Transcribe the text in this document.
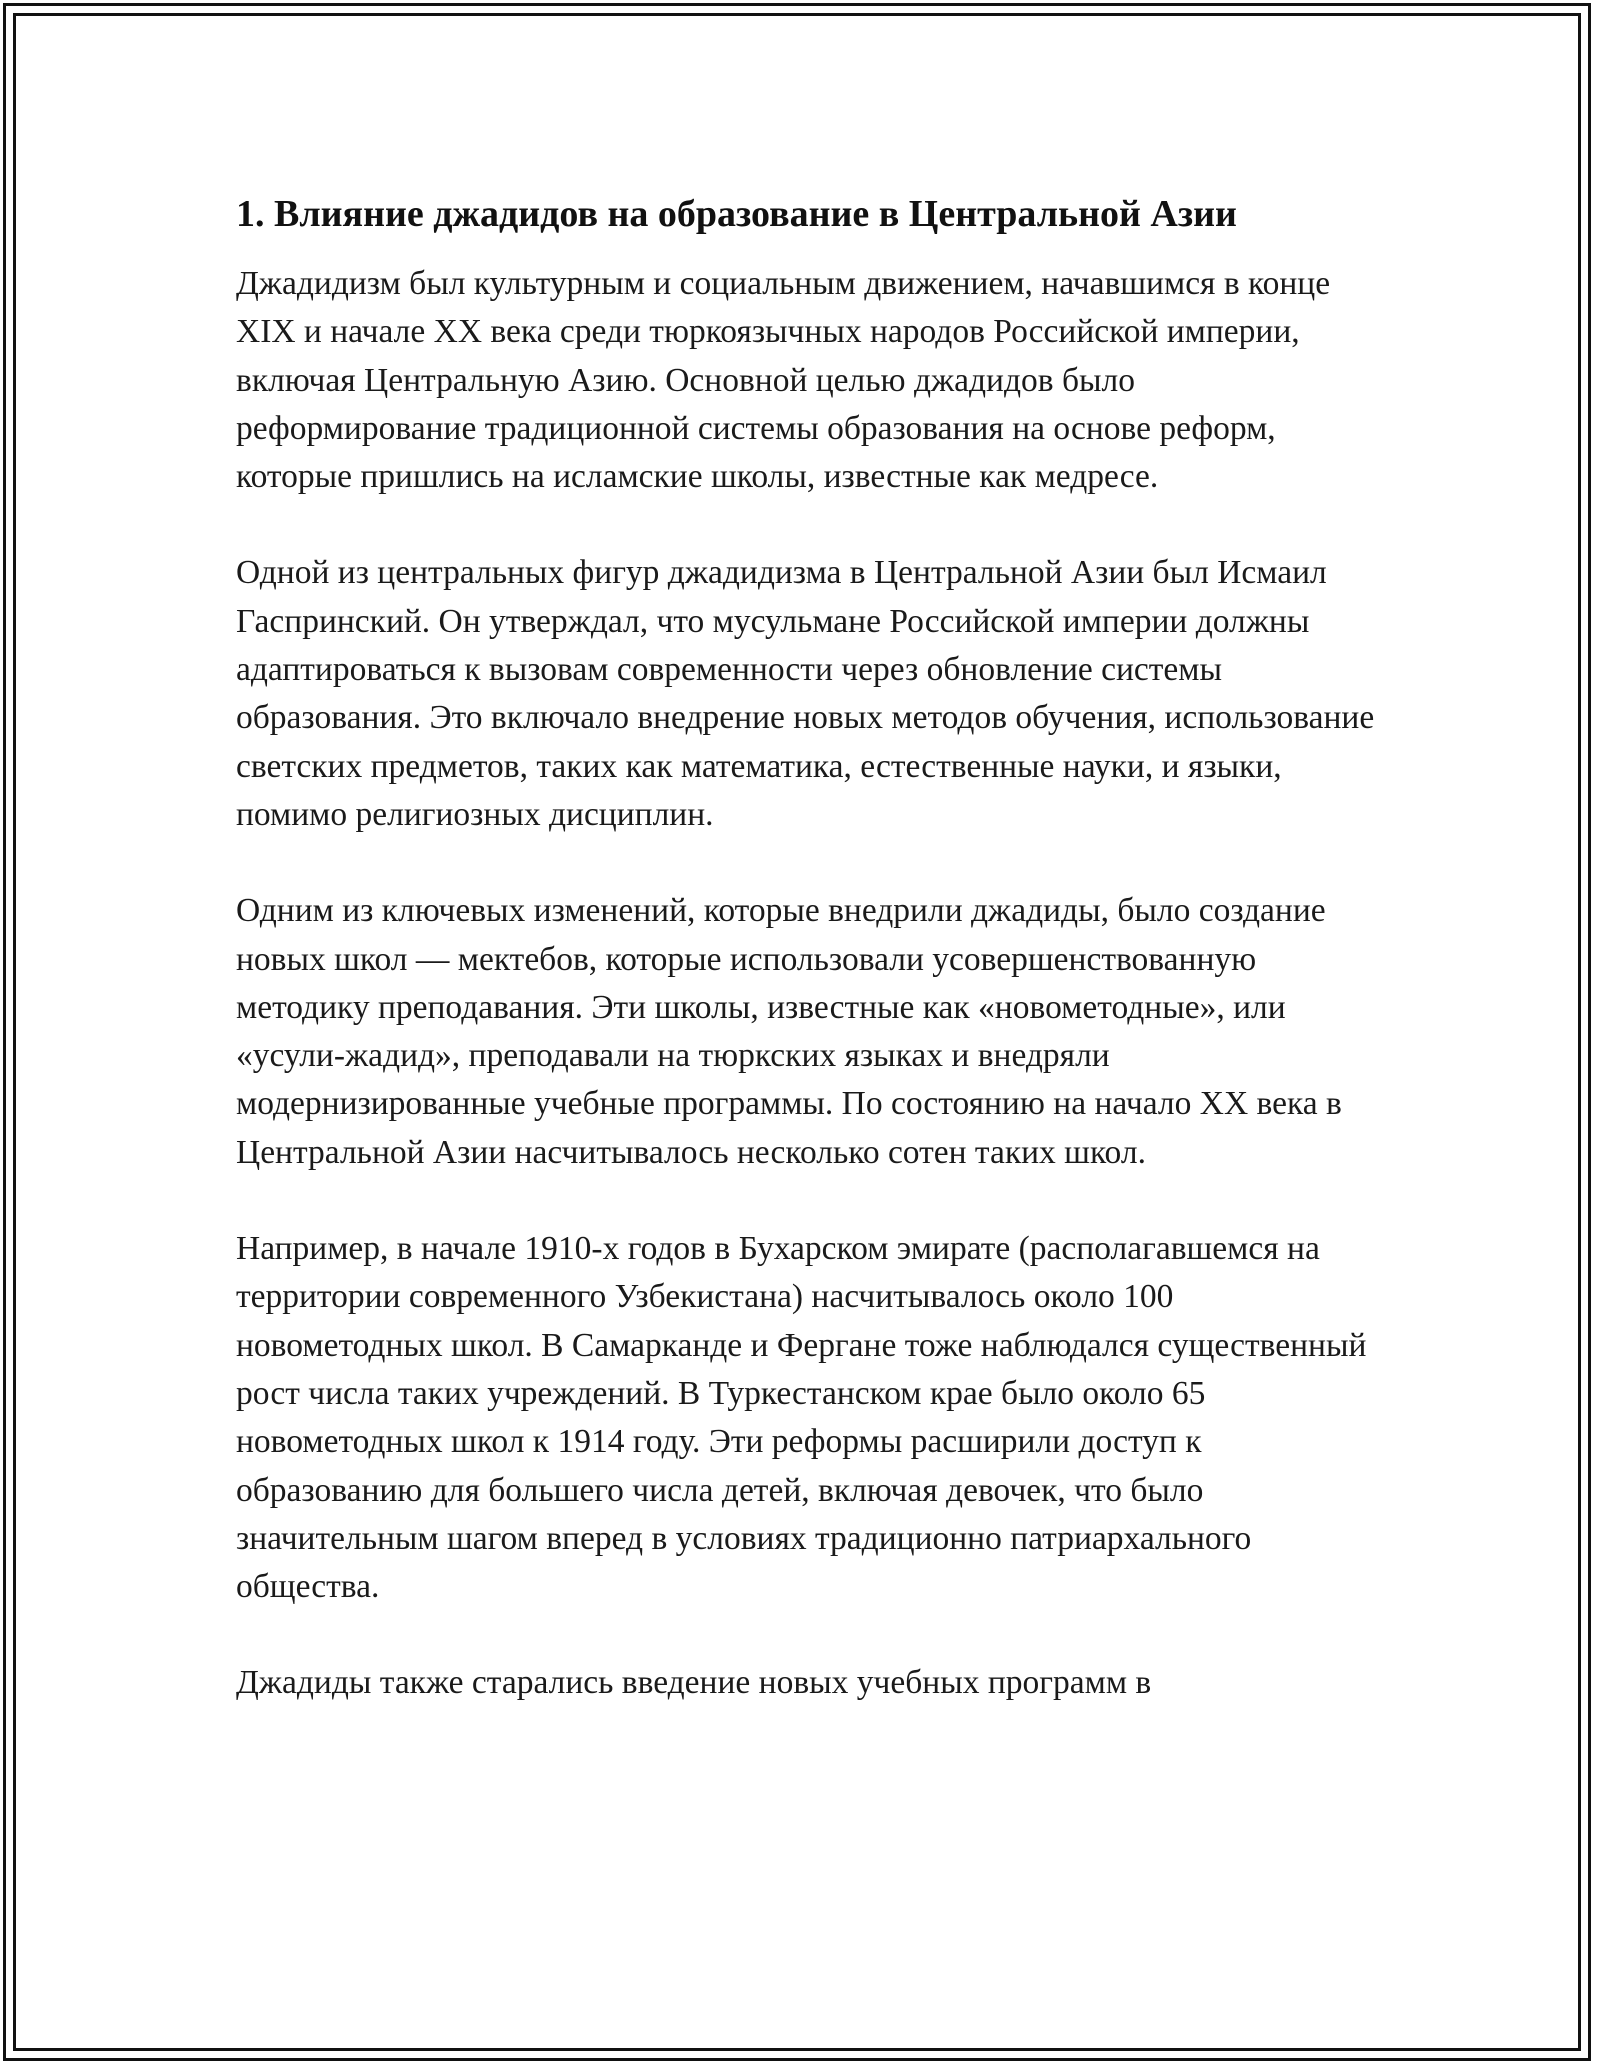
1. Влияние джадидов на образование в Центральной Азии

Джадидизм был культурным и социальным движением, начавшимся в конце XIX и начале XX века среди тюркоязычных народов Российской империи, включая Центральную Азию. Основной целью джадидов было реформирование традиционной системы образования на основе реформ, которые пришлись на исламские школы, известные как медресе.

Одной из центральных фигур джадидизма в Центральной Азии был Исмаил Гаспринский. Он утверждал, что мусульмане Российской империи должны адаптироваться к вызовам современности через обновление системы образования. Это включало внедрение новых методов обучения, использование светских предметов, таких как математика, естественные науки, и языки, помимо религиозных дисциплин.

Одним из ключевых изменений, которые внедрили джадиды, было создание новых школ — мектебов, которые использовали усовершенствованную методику преподавания. Эти школы, известные как «новометодные», или «усули-жадид», преподавали на тюркских языках и внедряли модернизированные учебные программы. По состоянию на начало XX века в Центральной Азии насчитывалось несколько сотен таких школ.

Например, в начале 1910-х годов в Бухарском эмирате (располагавшемся на территории современного Узбекистана) насчитывалось около 100 новометодных школ. В Самарканде и Фергане тоже наблюдался существенный рост числа таких учреждений. В Туркестанском крае было около 65 новометодных школ к 1914 году. Эти реформы расширили доступ к образованию для большего числа детей, включая девочек, что было значительным шагом вперед в условиях традиционно патриархального общества.

Джадиды также старались введение новых учебных программ в
